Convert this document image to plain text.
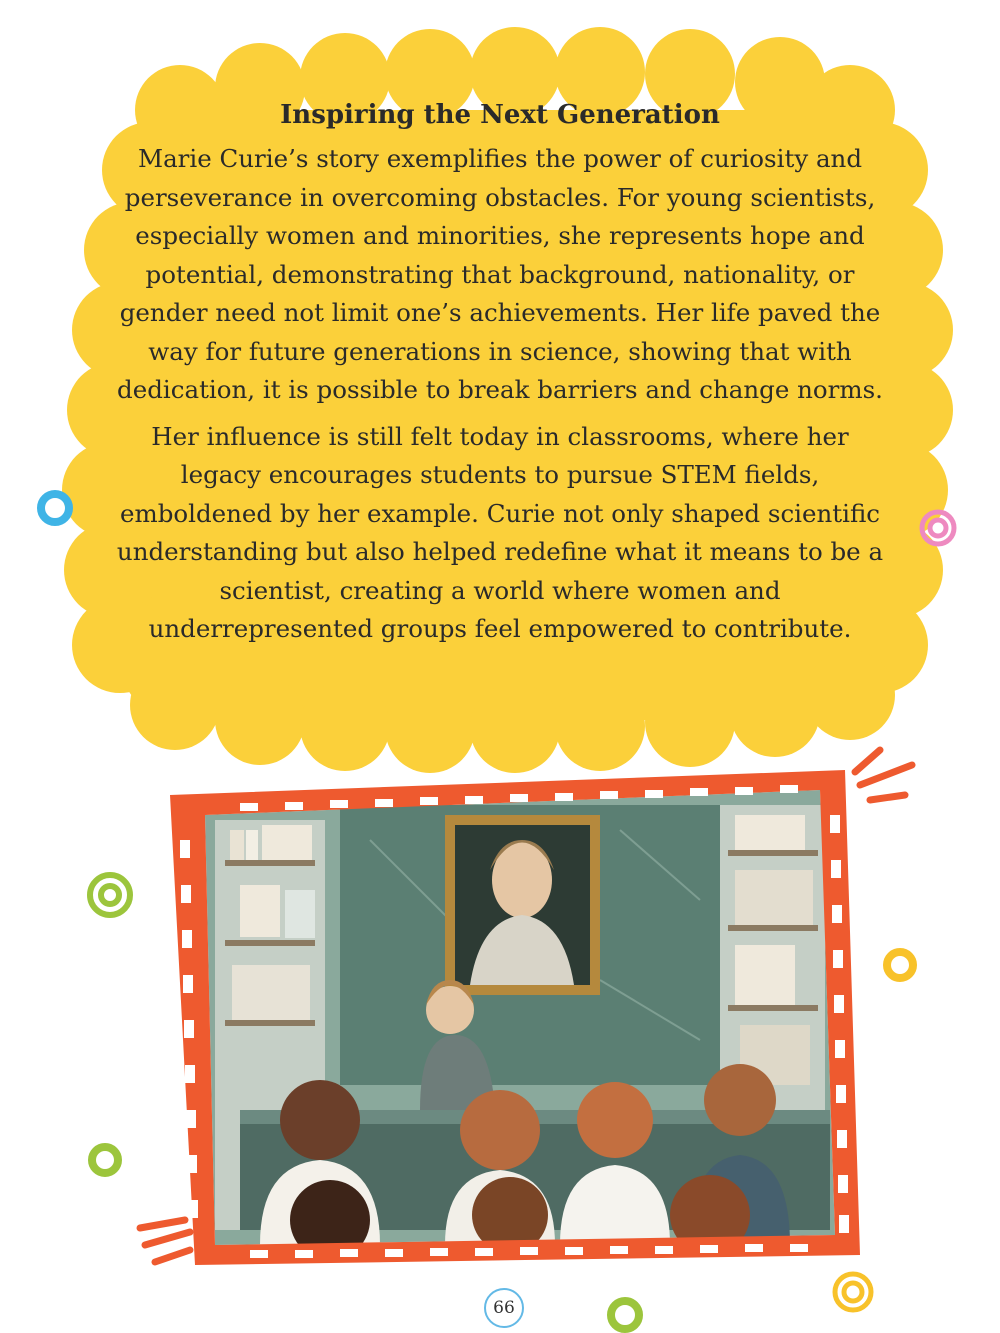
Inspiring the Next Generation

Marie Curie’s story exemplifies the power of curiosity and perseverance in overcoming obstacles. For young scientists, especially women and minorities, she represents hope and potential, demonstrating that background, nationality, or gender need not limit one’s achievements. Her life paved the way for future generations in science, showing that with dedication, it is possible to break barriers and change norms.

Her influence is still felt today in classrooms, where her legacy encourages students to pursue STEM fields, emboldened by her example. Curie not only shaped scientific understanding but also helped redefine what it means to be a scientist, creating a world where women and underrepresented groups feel empowered to contribute.

66
